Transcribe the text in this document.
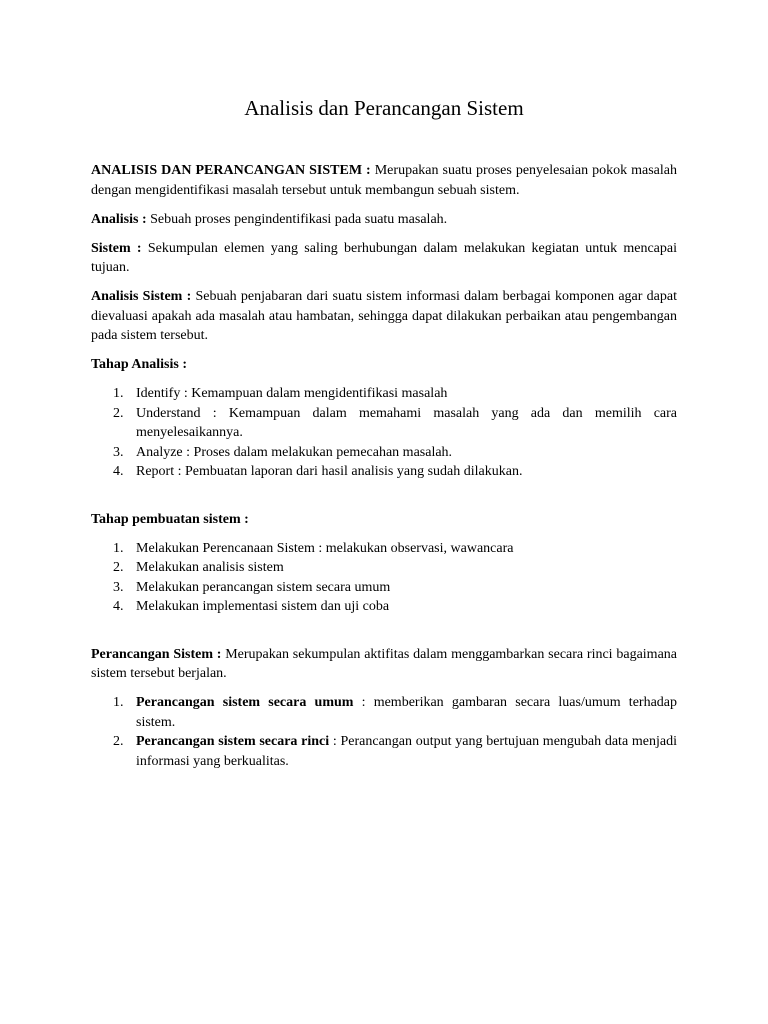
Analisis dan Perancangan Sistem

ANALISIS DAN PERANCANGAN SISTEM : Merupakan suatu proses penyelesaian pokok masalah dengan mengidentifikasi masalah tersebut untuk membangun sebuah sistem.

Analisis : Sebuah proses pengindentifikasi pada suatu masalah.

Sistem : Sekumpulan elemen yang saling berhubungan dalam melakukan kegiatan untuk mencapai tujuan.

Analisis Sistem : Sebuah penjabaran dari suatu sistem informasi dalam berbagai komponen agar dapat dievaluasi apakah ada masalah atau hambatan, sehingga dapat dilakukan perbaikan atau pengembangan pada sistem tersebut.

Tahap Analisis :
1. Identify : Kemampuan dalam mengidentifikasi masalah
2. Understand : Kemampuan dalam memahami masalah yang ada dan memilih cara menyelesaikannya.
3. Analyze : Proses dalam melakukan pemecahan masalah.
4. Report : Pembuatan laporan dari hasil analisis yang sudah dilakukan.
Tahap pembuatan sistem :
1. Melakukan Perencanaan Sistem : melakukan observasi, wawancara
2. Melakukan analisis sistem
3. Melakukan perancangan sistem secara umum
4. Melakukan implementasi sistem dan uji coba

Perancangan Sistem : Merupakan sekumpulan aktifitas dalam menggambarkan secara rinci bagaimana sistem tersebut berjalan.

1. Perancangan sistem secara umum : memberikan gambaran secara luas/umum terhadap sistem.
2. Perancangan sistem secara rinci : Perancangan output yang bertujuan mengubah data menjadi informasi yang berkualitas.
